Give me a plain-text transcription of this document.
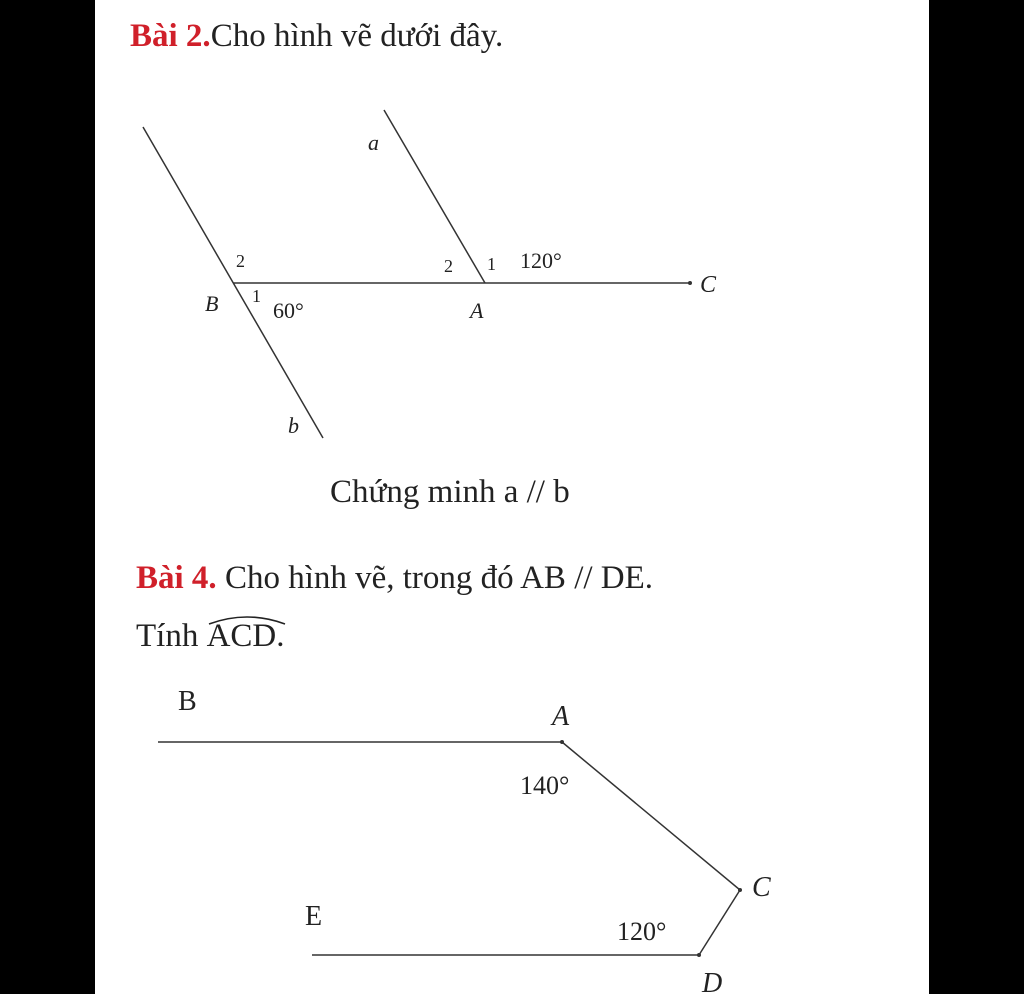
Bài 2.Cho hình vẽ dưới đây.
a
b
B	A
C
2
1
60°
2 1 120°
Chứng minh a // b
Bài 4. Cho hình vẽ, trong đó AB // DE.
Tính ACD.
B	A
140°
C
E	120°
D
